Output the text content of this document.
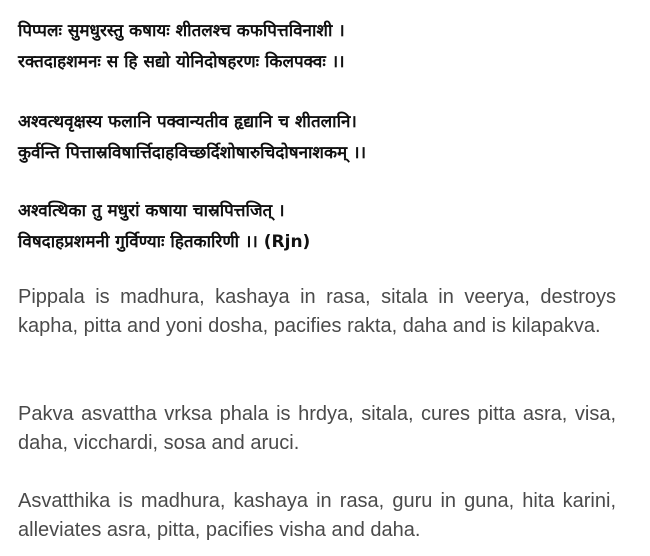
पिप्पलः सुमधुरस्तु कषायः शीतलश्च कफपित्तविनाशी ।
रक्तदाहशमनः स हि सद्यो योनिदोषहरणः किलपक्वः ।।
अश्वत्थवृक्षस्य फलानि पक्वान्यतीव हृद्यानि च शीतलानि।
कुर्वन्ति पित्तास्रविषार्त्तिदाहविच्छर्दिशोषारुचिदोषनाशकम् ।।
अश्वत्थिका तु मधुरां कषाया चास्रपित्तजित् ।
विषदाहप्रशमनी गुर्विण्याः हितकारिणी ।। (Rjn)

Pippala is madhura, kashaya in rasa, sitala in veerya, destroys kapha, pitta and yoni dosha, pacifies rakta, daha and is kilapakva.

Pakva asvattha vrksa phala is hrdya, sitala, cures pitta asra, visa, daha, vicchardi, sosa and aruci.

Asvatthika is madhura, kashaya in rasa, guru in guna, hita karini, alleviates asra, pitta, pacifies visha and daha.
